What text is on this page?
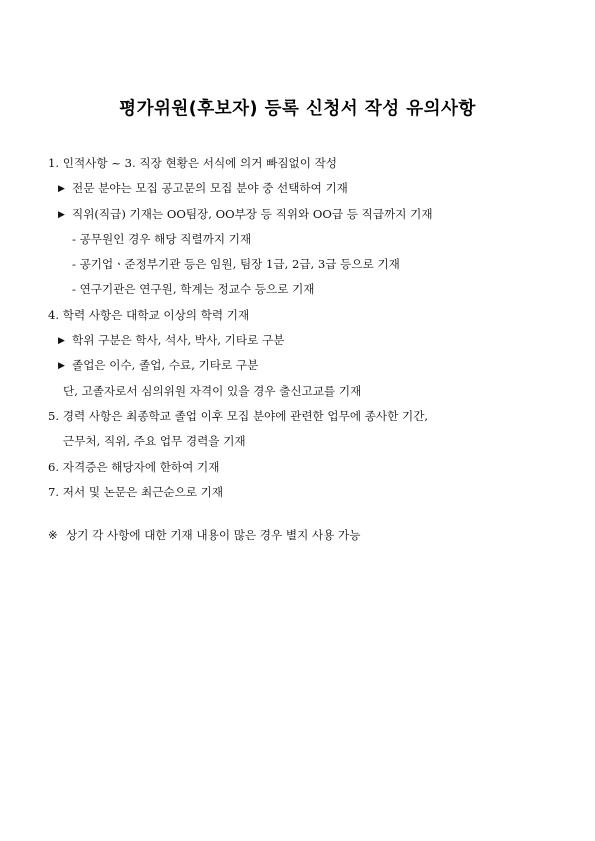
평가위원(후보자) 등록 신청서 작성 유의사항
1. 인적사항 ~ 3. 직장 현황은 서식에 의거 빠짐없이 작성
▶ 전문 분야는 모집 공고문의 모집 분야 중 선택하여 기재
▶ 직위(직급) 기재는 OO팀장, OO부장 등 직위와 OO급 등 직급까지 기재
- 공무원인 경우 해당 직렬까지 기재
- 공기업ㆍ준정부기관 등은 임원, 팀장 1급, 2급, 3급 등으로 기재
- 연구기관은 연구원, 학계는 정교수 등으로 기재
4. 학력 사항은 대학교 이상의 학력 기재
▶ 학위 구분은 학사, 석사, 박사, 기타로 구분
▶ 졸업은 이수, 졸업, 수료, 기타로 구분
단, 고졸자로서 심의위원 자격이 있을 경우 출신고교를 기재
5. 경력 사항은 최종학교 졸업 이후 모집 분야에 관련한 업무에 종사한 기간,
근무처, 직위, 주요 업무 경력을 기재
6. 자격증은 해당자에 한하여 기재
7. 저서 및 논문은 최근순으로 기재
※ 상기 각 사항에 대한 기재 내용이 많은 경우 별지 사용 가능
